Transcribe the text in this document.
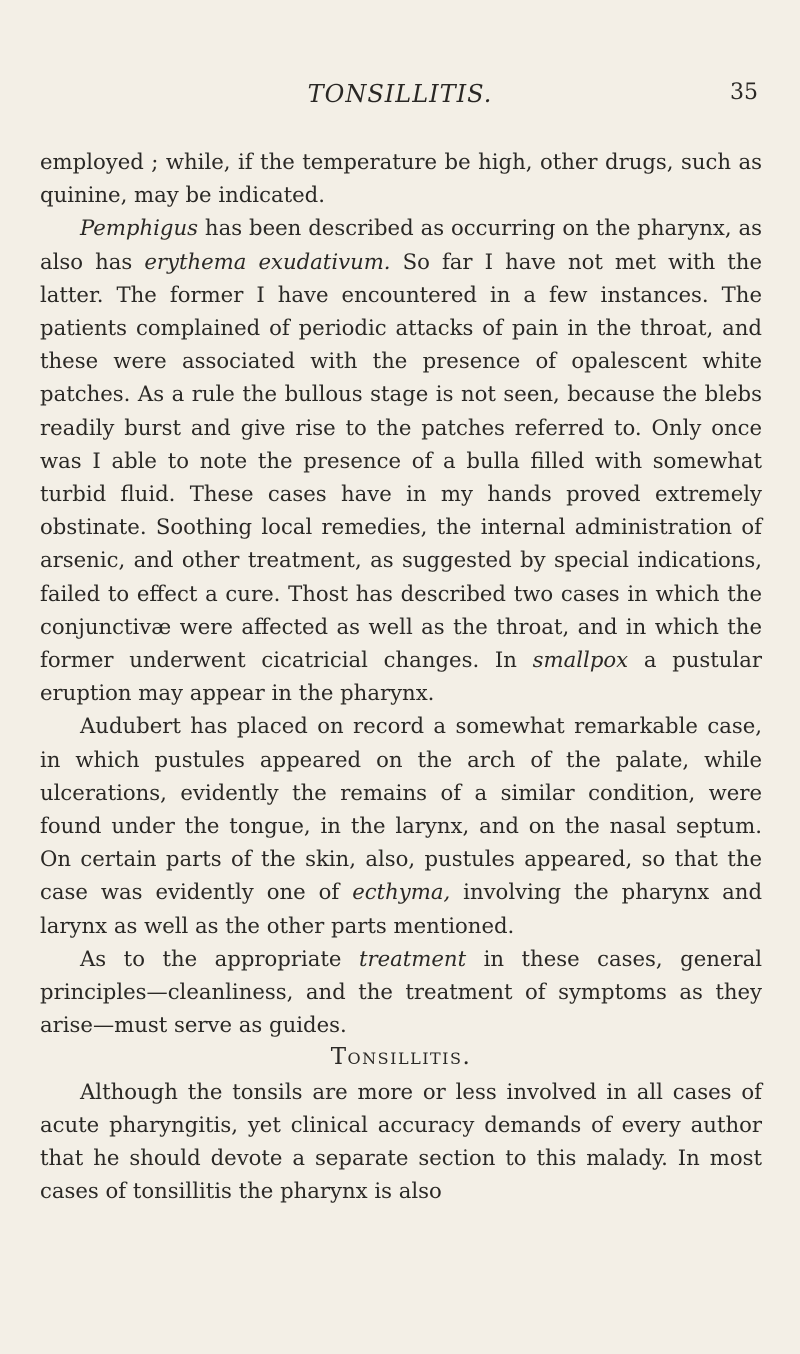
TONSILLITIS.	35

employed ; while, if the temperature be high, other drugs, such as quinine, may be indicated.

Pemphigus has been described as occurring on the pharynx, as also has erythema exudativum. So far I have not met with the latter. The former I have encountered in a few instances. The patients complained of periodic attacks of pain in the throat, and these were associated with the presence of opalescent white patches. As a rule the bullous stage is not seen, because the blebs readily burst and give rise to the patches referred to. Only once was I able to note the presence of a bulla filled with somewhat turbid fluid. These cases have in my hands proved extremely obstinate. Soothing local remedies, the internal administration of arsenic, and other treatment, as suggested by special indications, failed to effect a cure. Thost has described two cases in which the conjunctivæ were affected as well as the throat, and in which the former underwent cicatricial changes. In smallpox a pustular eruption may appear in the pharynx.

Audubert has placed on record a somewhat remarkable case, in which pustules appeared on the arch of the palate, while ulcerations, evidently the remains of a similar condition, were found under the tongue, in the larynx, and on the nasal septum. On certain parts of the skin, also, pustules appeared, so that the case was evidently one of ecthyma, involving the pharynx and larynx as well as the other parts mentioned.

As to the appropriate treatment in these cases, general principles—cleanliness, and the treatment of symptoms as they arise—must serve as guides.

Tonsillitis.

Although the tonsils are more or less involved in all cases of acute pharyngitis, yet clinical accuracy demands of every author that he should devote a separate section to this malady. In most cases of tonsillitis the pharynx is also
